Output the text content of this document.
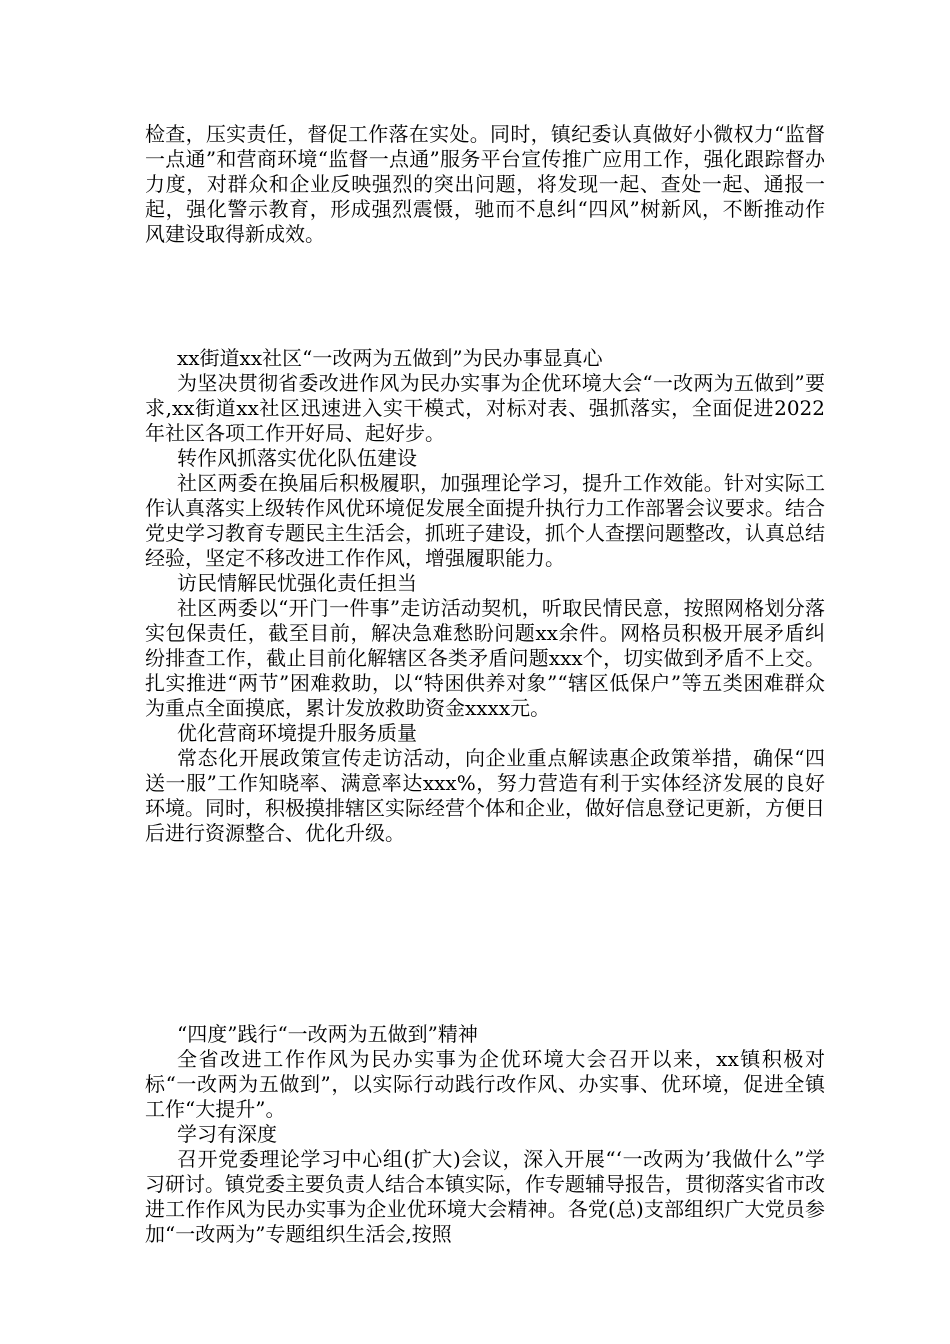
检查，压实责任，督促工作落在实处。同时，镇纪委认真做好小微权力“监督一点通”和营商环境“监督一点通”服务平台宣传推广应用工作，强化跟踪督办力度，对群众和企业反映强烈的突出问题，将发现一起、查处一起、通报一起，强化警示教育，形成强烈震慑，驰而不息纠“四风”树新风，不断推动作风建设取得新成效。

xx街道xx社区“一改两为五做到”为民办事显真心

为坚决贯彻省委改进作风为民办实事为企优环境大会“一改两为五做到”要求,xx街道xx社区迅速进入实干模式，对标对表、强抓落实，全面促进2022年社区各项工作开好局、起好步。

转作风抓落实优化队伍建设

社区两委在换届后积极履职，加强理论学习，提升工作效能。针对实际工作认真落实上级转作风优环境促发展全面提升执行力工作部署会议要求。结合党史学习教育专题民主生活会，抓班子建设，抓个人查摆问题整改，认真总结经验，坚定不移改进工作作风，增强履职能力。

访民情解民忧强化责任担当

社区两委以“开门一件事”走访活动契机，听取民情民意，按照网格划分落实包保责任，截至目前，解决急难愁盼问题xx余件。网格员积极开展矛盾纠纷排查工作，截止目前化解辖区各类矛盾问题xxx个，切实做到矛盾不上交。扎实推进“两节”困难救助，以“特困供养对象”“辖区低保户”等五类困难群众为重点全面摸底，累计发放救助资金xxxx元。

优化营商环境提升服务质量

常态化开展政策宣传走访活动，向企业重点解读惠企政策举措，确保“四送一服”工作知晓率、满意率达xxx%，努力营造有利于实体经济发展的良好环境。同时，积极摸排辖区实际经营个体和企业，做好信息登记更新，方便日后进行资源整合、优化升级。

“四度”践行“一改两为五做到”精神

全省改进工作作风为民办实事为企优环境大会召开以来，xx镇积极对标“一改两为五做到”，以实际行动践行改作风、办实事、优环境，促进全镇工作“大提升”。

学习有深度

召开党委理论学习中心组(扩大)会议，深入开展“‘一改两为’我做什么”学习研讨。镇党委主要负责人结合本镇实际，作专题辅导报告，贯彻落实省市改进工作作风为民办实事为企业优环境大会精神。各党(总)支部组织广大党员参加“一改两为”专题组织生活会,按照
